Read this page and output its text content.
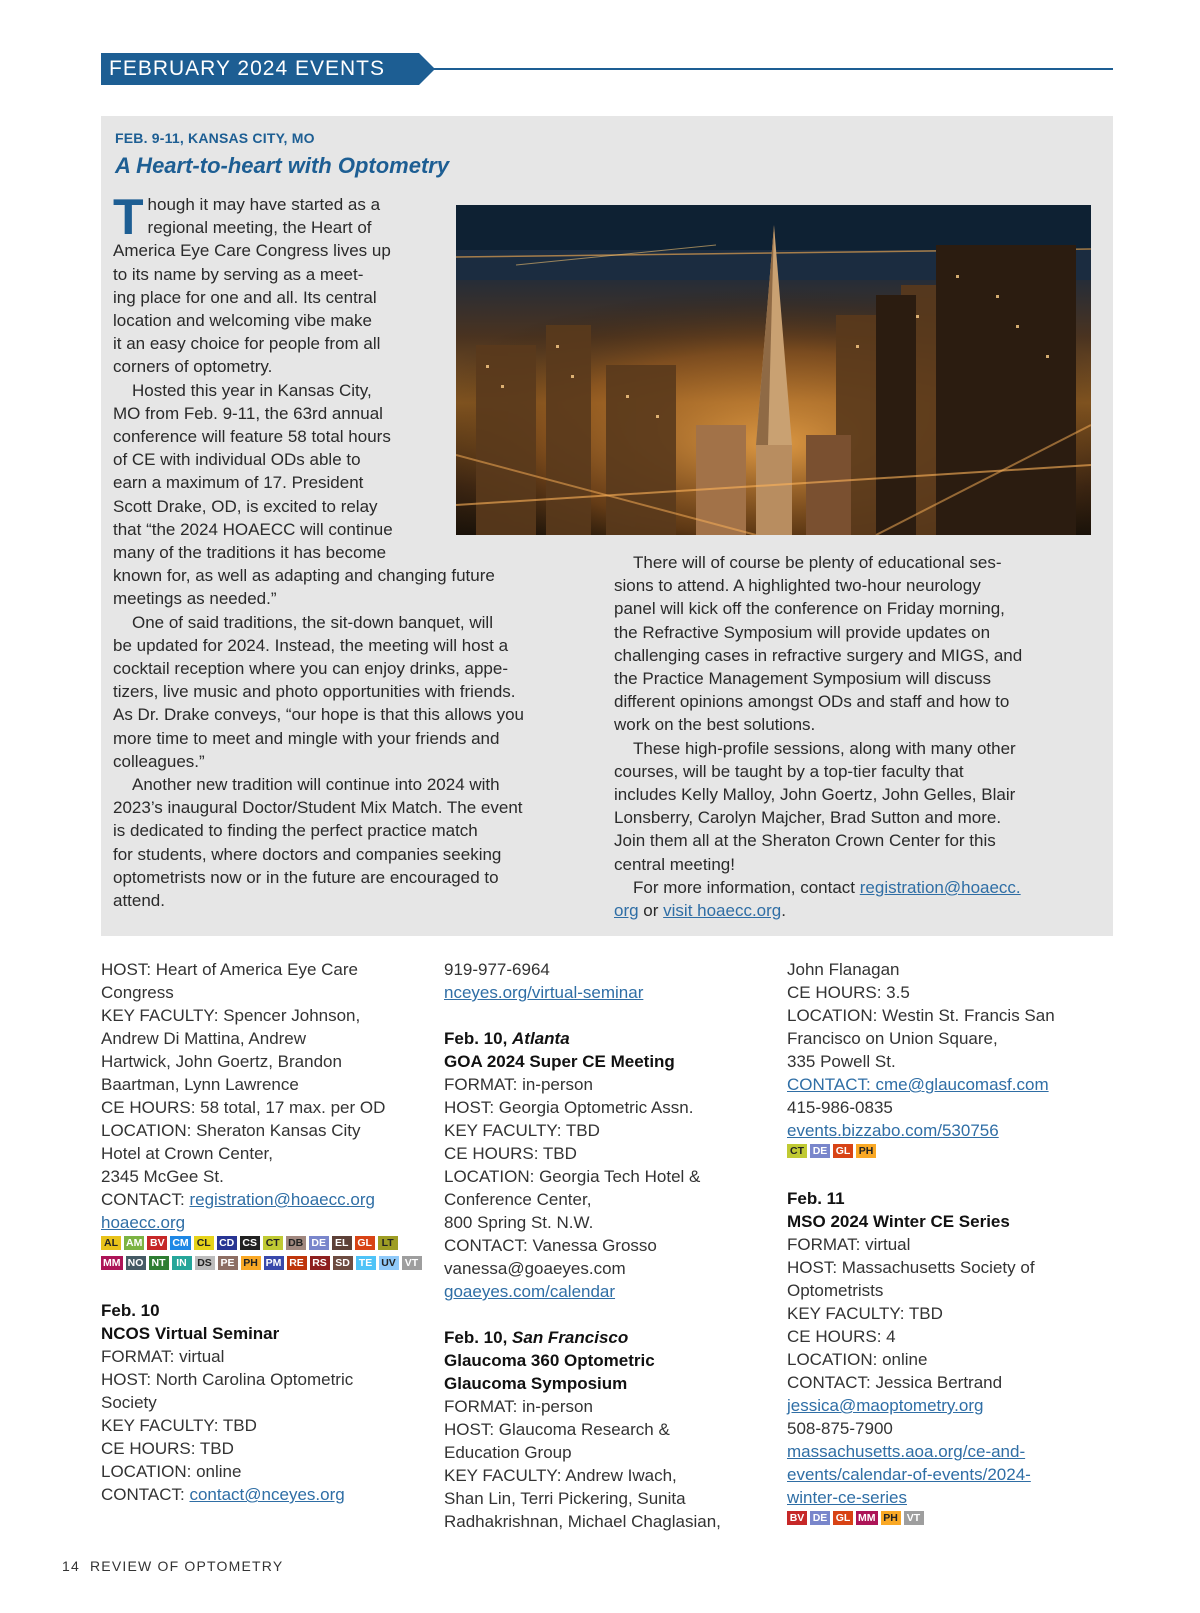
FEBRUARY 2024 EVENTS
FEB. 9-11, KANSAS CITY, MO
A Heart-to-heart with Optometry
T hough it may have started as a
regional meeting, the Heart of
America Eye Care Congress lives up
to its name by serving as a meet-
ing place for one and all. Its central
location and welcoming vibe make
it an easy choice for people from all
corners of optometry.
Hosted this year in Kansas City,
MO from Feb. 9-11, the 63rd annual
conference will feature 58 total hours
of CE with individual ODs able to
earn a maximum of 17. President
Scott Drake, OD, is excited to relay
that “the 2024 HOAECC will continue
many of the traditions it has become
known for, as well as adapting and changing future
meetings as needed.”
One of said traditions, the sit-down banquet, will
be updated for 2024. Instead, the meeting will host a
cocktail reception where you can enjoy drinks, appe-
tizers, live music and photo opportunities with friends.
As Dr. Drake conveys, “our hope is that this allows you
more time to meet and mingle with your friends and
colleagues.”
Another new tradition will continue into 2024 with
2023’s inaugural Doctor/Student Mix Match. The event
is dedicated to finding the perfect practice match
for students, where doctors and companies seeking
optometrists now or in the future are encouraged to
attend.
There will of course be plenty of educational ses-
sions to attend. A highlighted two-hour neurology
panel will kick off the conference on Friday morning,
the Refractive Symposium will provide updates on
challenging cases in refractive surgery and MIGS, and
the Practice Management Symposium will discuss
different opinions amongst ODs and staff and how to
work on the best solutions.
These high-profile sessions, along with many other
courses, will be taught by a top-tier faculty that
includes Kelly Malloy, John Goertz, John Gelles, Blair
Lonsberry, Carolyn Majcher, Brad Sutton and more.
Join them all at the Sheraton Crown Center for this
central meeting!
For more information, contact registration@hoaecc.
org or visit hoaecc.org.
HOST: Heart of America Eye Care
Congress
KEY FACULTY: Spencer Johnson,
Andrew Di Mattina, Andrew
Hartwick, John Goertz, Brandon
Baartman, Lynn Lawrence
CE HOURS: 58 total, 17 max. per OD
LOCATION: Sheraton Kansas City
Hotel at Crown Center,
2345 McGee St.
CONTACT: registration@hoaecc.org
hoaecc.org
AL AM BV CM CL CD CS CT DB DE EL GL LT
MM NO NT	IN DS PE PH PM RE RS SD TE UV VT
Feb. 10
NCOS Virtual Seminar
FORMAT: virtual
HOST: North Carolina Optometric
Society
KEY FACULTY: TBD
CE HOURS: TBD
LOCATION: online
CONTACT: contact@nceyes.org
919-977-6964
nceyes.org/virtual-seminar
Feb. 10, Atlanta
GOA 2024 Super CE Meeting
FORMAT: in-person
HOST: Georgia Optometric Assn.
KEY FACULTY: TBD
CE HOURS: TBD
LOCATION: Georgia Tech Hotel &
Conference Center,
800 Spring St. N.W.
CONTACT: Vanessa Grosso
vanessa@goaeyes.com
goaeyes.com/calendar
Feb. 10, San Francisco
Glaucoma 360 Optometric
Glaucoma Symposium
FORMAT: in-person
HOST: Glaucoma Research &
Education Group
KEY FACULTY: Andrew Iwach,
Shan Lin, Terri Pickering, Sunita
Radhakrishnan, Michael Chaglasian,
John Flanagan
CE HOURS: 3.5
LOCATION: Westin St. Francis San
Francisco on Union Square,
335 Powell St.
CONTACT: cme@glaucomasf.com
415-986-0835
events.bizzabo.com/530756
CT DE GL PH
Feb. 11
MSO 2024 Winter CE Series
FORMAT: virtual
HOST: Massachusetts Society of
Optometrists
KEY FACULTY: TBD
CE HOURS: 4
LOCATION: online
CONTACT: Jessica Bertrand
jessica@maoptometry.org
508-875-7900
massachusetts.aoa.org/ce-and-
events/calendar-of-events/2024-
winter-ce-series
BV DE GL MM PH VT
14 REVIEW OF OPTOMETRY
